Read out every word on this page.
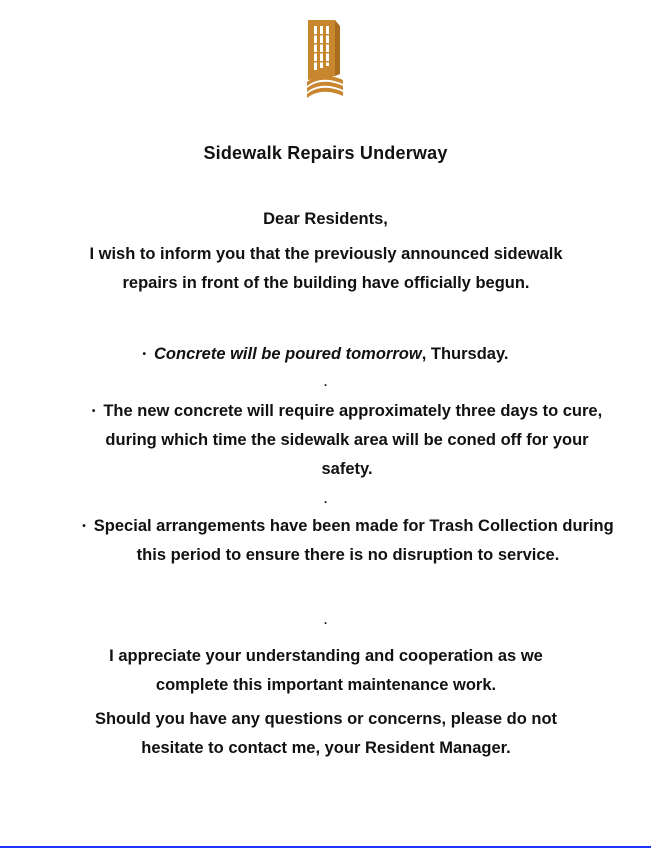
Sidewalk Repairs Underway
Dear Residents,
I wish to inform you that the previously announced sidewalk repairs in front of the building have officially begun.
• Concrete will be poured tomorrow, Thursday.
.
• The new concrete will require approximately three days to cure, during which time the sidewalk area will be coned off for your safety.
.
• Special arrangements have been made for Trash Collection during this period to ensure there is no disruption to service.
.
I appreciate your understanding and cooperation as we complete this important maintenance work.
Should you have any questions or concerns, please do not hesitate to contact me, your Resident Manager.
